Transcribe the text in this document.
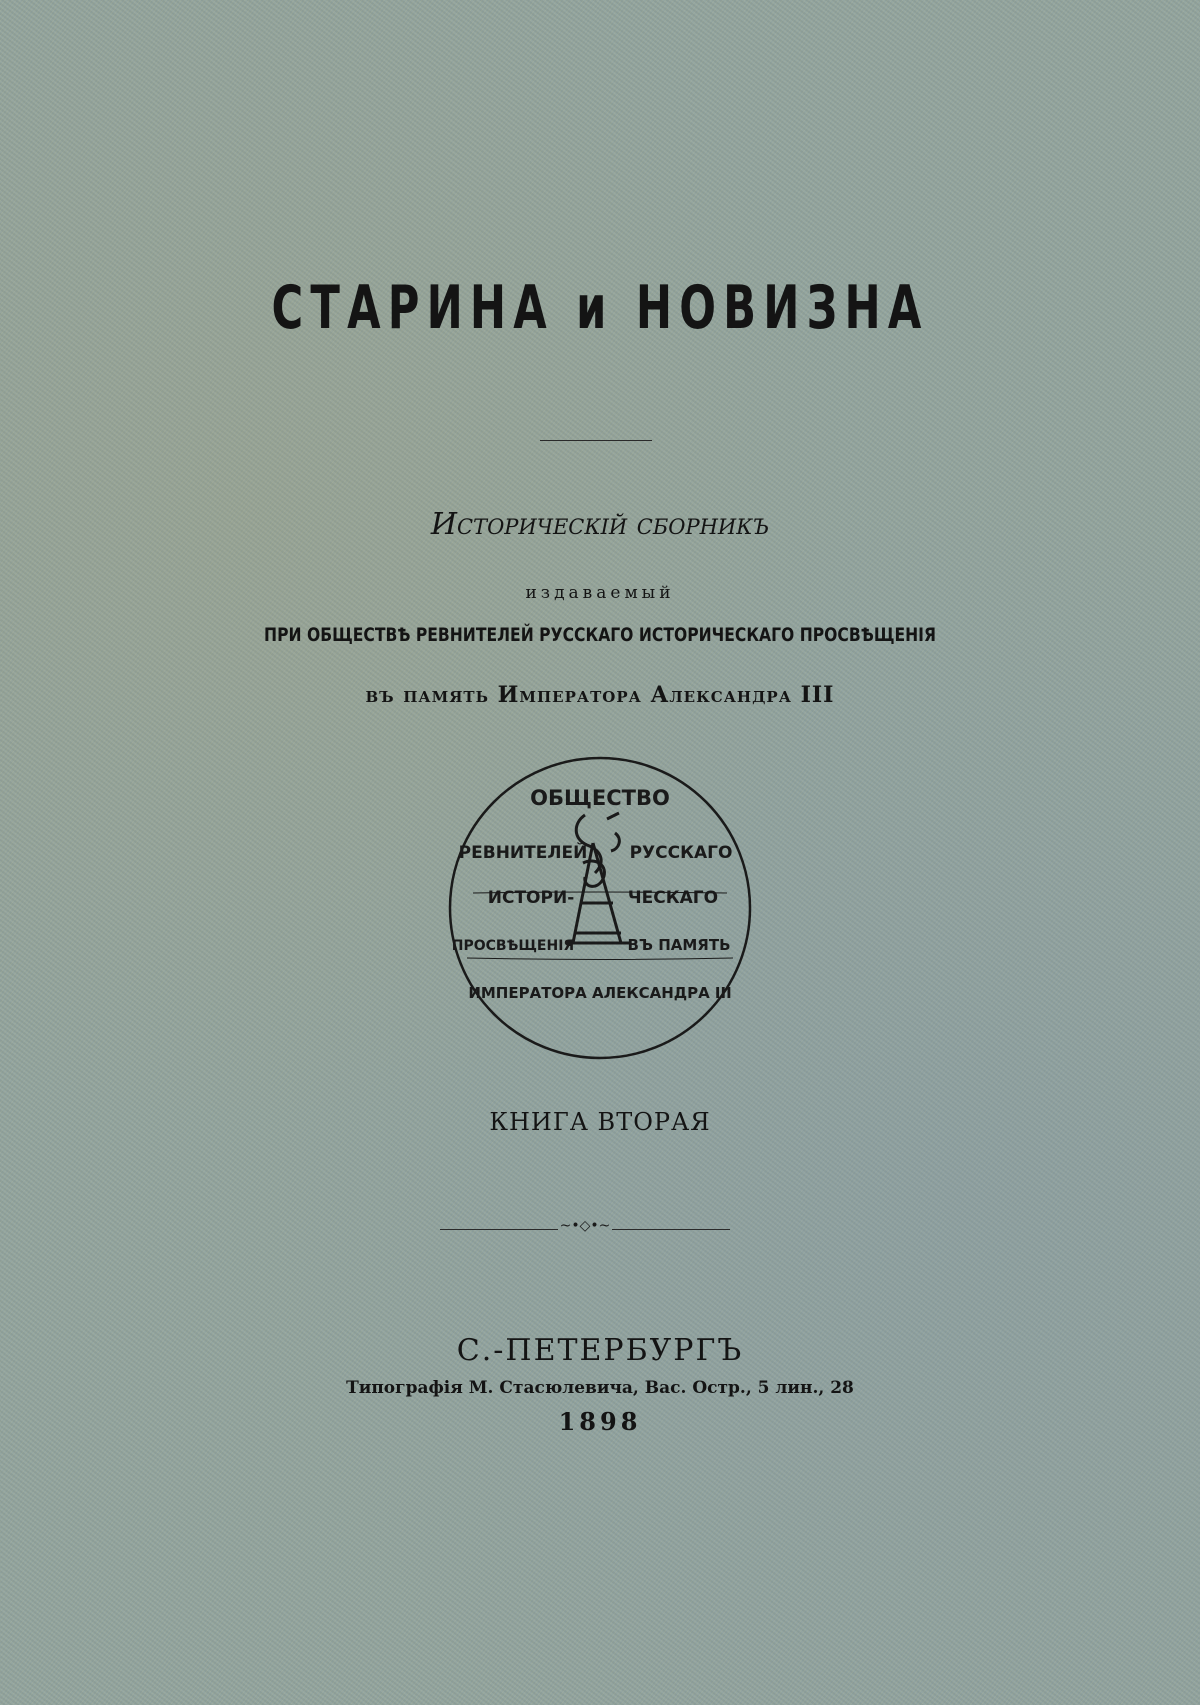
СТАРИНА и НОВИЗНА
Историческій сборникъ
издаваемый
ПРИ ОБЩЕСТВѢ РЕВНИТЕЛЕЙ РУССКАГО ИСТОРИЧЕСКАГО ПРОСВѢЩЕНІЯ
въ память Императора Александра III
ОБЩЕСТВО
РЕВНИТЕЛЕЙ РУССКАГО
ИСТОРИ-	ЧЕСКАГО
ПРОСВѢЩЕНІЯ	ВЪ ПАМЯТЬ
ИМПЕРАТОРА АЛЕКСАНДРА III
КНИГА ВТОРАЯ
~•◇•~
С.-ПЕТЕРБУРГЪ
Типографія М. Стасюлевича, Вас. Остр., 5 лин., 28
1898
